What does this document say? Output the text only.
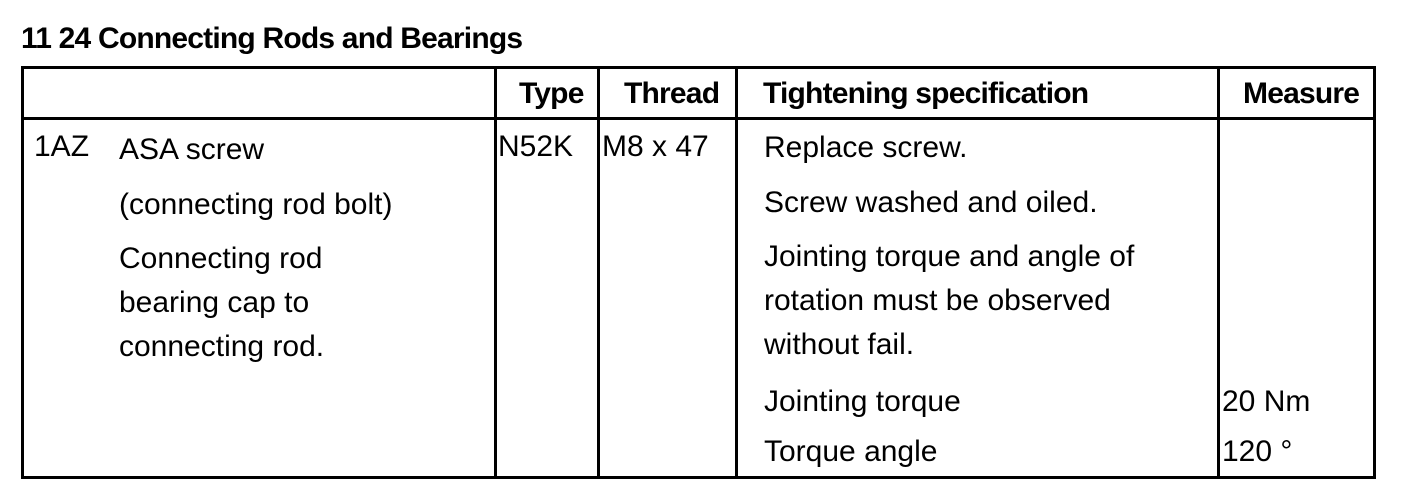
11 24 Connecting Rods and Bearings
Type Thread Tightening specification	Measure
1AZ ASA screw
(connecting rod bolt)
Connecting rod
bearing cap to
connecting rod.
N52K M8 x 47 Replace screw.
Screw washed and oiled.
Jointing torque and angle of
rotation must be observed
without fail.
Jointing torque
Torque angle
20 Nm
120 °
